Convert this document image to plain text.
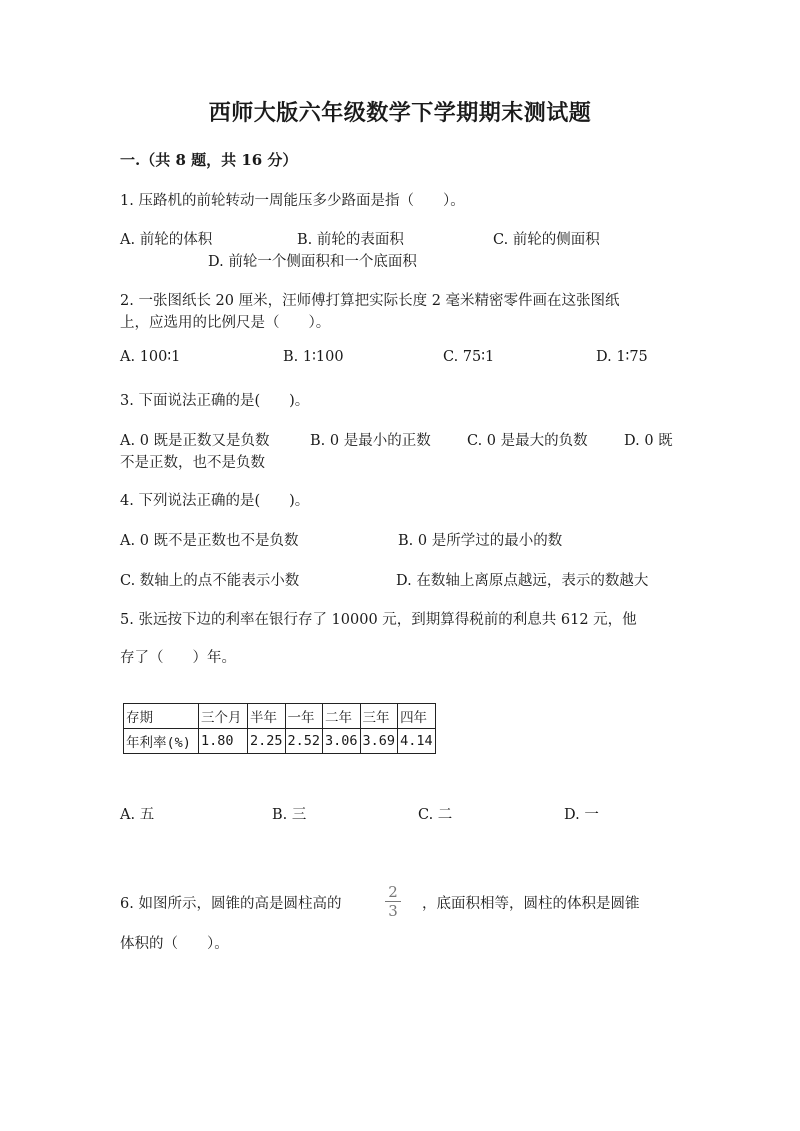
西师大版六年级数学下学期期末测试题
一.（共 8 题，共 16 分）
1. 压路机的前轮转动一周能压多少路面是指（　　）。
A. 前轮的体积	B. 前轮的表面积	C. 前轮的侧面积
D. 前轮一个侧面积和一个底面积
2. 一张图纸长 20 厘米，汪师傅打算把实际长度 2 毫米精密零件画在这张图纸
上，应选用的比例尺是（　　）。
A. 100∶1	B. 1∶100	C. 75∶1	D. 1∶75
3. 下面说法正确的是(　　)。
A. 0 既是正数又是负数	B. 0 是最小的正数	C. 0 是最大的负数	D. 0 既
不是正数，也不是负数
4. 下列说法正确的是(　　)。
A. 0 既不是正数也不是负数	B. 0 是所学过的最小的数
C. 数轴上的点不能表示小数	D. 在数轴上离原点越远，表示的数越大
5. 张远按下边的利率在银行存了 10000 元，到期算得税前的利息共 612 元，他
存了（　　）年。
存期	三个月	半年	一年	二年	三年	四年
年利率(%)	1.80	2.25	2.52	3.06	3.69	4.14
A. 五	B. 三	C. 二	D. 一
6. 如图所示，圆锥的高是圆柱高的
2
3 ，底面积相等，圆柱的体积是圆锥
体积的（　　）。
